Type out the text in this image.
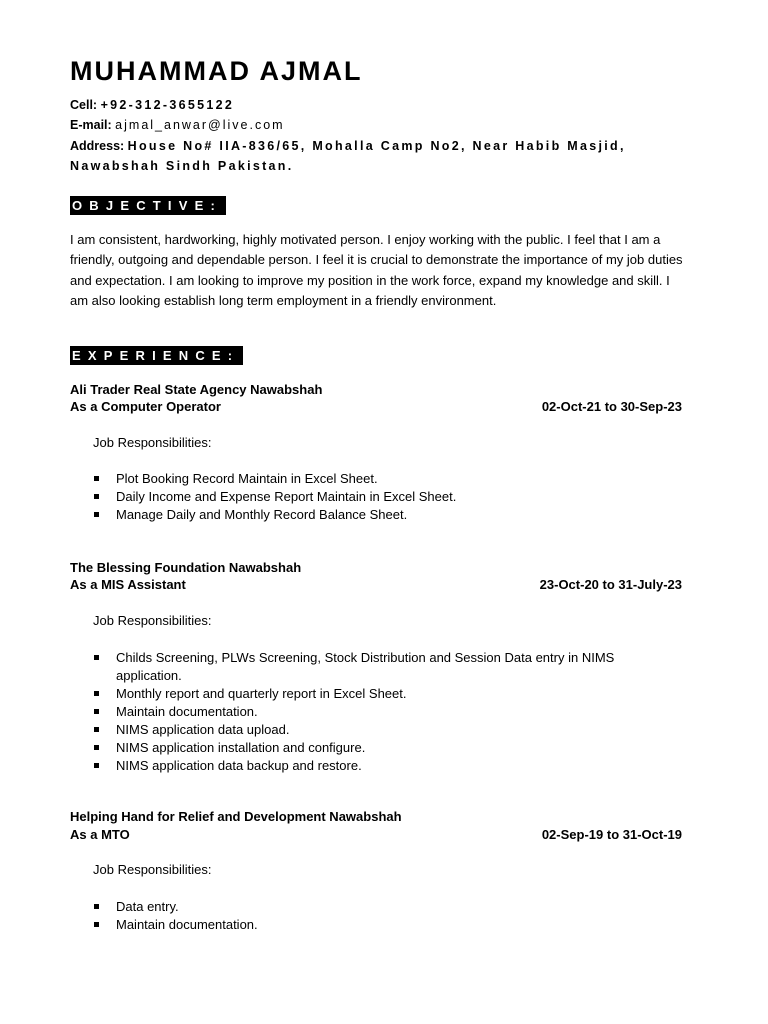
MUHAMMAD AJMAL
Cell: +92-312-3655122
E-mail: ajmal_anwar@live.com
Address: House No# IIA-836/65, Mohalla Camp No2, Near Habib Masjid,
Nawabshah Sindh Pakistan.
OBJECTIVE:
I am consistent, hardworking, highly motivated person. I enjoy working with the public. I feel that I am a friendly, outgoing and dependable person. I feel it is crucial to demonstrate the importance of my job duties and expectation. I am looking to improve my position in the work force, expand my knowledge and skill. I am also looking establish long term employment in a friendly environment.
EXPERIENCE:
Ali Trader Real State Agency Nawabshah
As a Computer Operator	02-Oct-21 to 30-Sep-23
Job Responsibilities:
Plot Booking Record Maintain in Excel Sheet.
Daily Income and Expense Report Maintain in Excel Sheet.
Manage Daily and Monthly Record Balance Sheet.
The Blessing Foundation Nawabshah
As a MIS Assistant	23-Oct-20 to 31-July-23
Job Responsibilities:
Childs Screening, PLWs Screening, Stock Distribution and Session Data entry in NIMS application.
Monthly report and quarterly report in Excel Sheet.
Maintain documentation.
NIMS application data upload.
NIMS application installation and configure.
NIMS application data backup and restore.
Helping Hand for Relief and Development Nawabshah
As a MTO	02-Sep-19 to 31-Oct-19
Job Responsibilities:
Data entry.
Maintain documentation.
